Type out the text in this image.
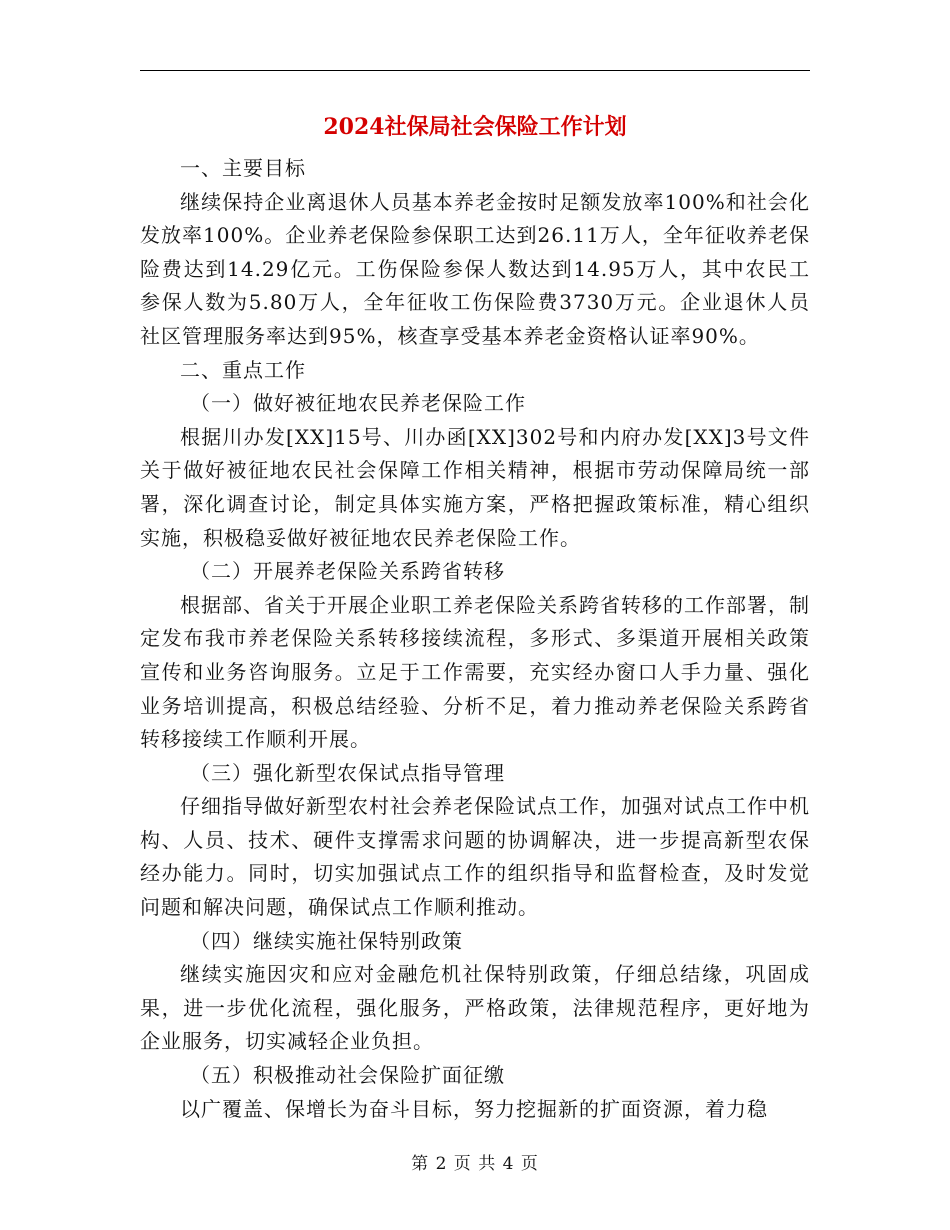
2024社保局社会保险工作计划

一、主要目标

继续保持企业离退休人员基本养老金按时足额发放率100%和社会化发放率100%。企业养老保险参保职工达到26.11万人，全年征收养老保险费达到14.29亿元。工伤保险参保人数达到14.95万人，其中农民工参保人数为5.80万人，全年征收工伤保险费3730万元。企业退休人员社区管理服务率达到95%，核查享受基本养老金资格认证率90%。

二、重点工作

（一）做好被征地农民养老保险工作

根据川办发[XX]15号、川办函[XX]302号和内府办发[XX]3号文件关于做好被征地农民社会保障工作相关精神，根据市劳动保障局统一部署，深化调查讨论，制定具体实施方案，严格把握政策标准，精心组织实施，积极稳妥做好被征地农民养老保险工作。

（二）开展养老保险关系跨省转移

根据部、省关于开展企业职工养老保险关系跨省转移的工作部署，制定发布我市养老保险关系转移接续流程，多形式、多渠道开展相关政策宣传和业务咨询服务。立足于工作需要，充实经办窗口人手力量、强化业务培训提高，积极总结经验、分析不足，着力推动养老保险关系跨省转移接续工作顺利开展。

（三）强化新型农保试点指导管理

仔细指导做好新型农村社会养老保险试点工作，加强对试点工作中机构、人员、技术、硬件支撑需求问题的协调解决，进一步提高新型农保经办能力。同时，切实加强试点工作的组织指导和监督检查，及时发觉问题和解决问题，确保试点工作顺利推动。

（四）继续实施社保特别政策

继续实施因灾和应对金融危机社保特别政策，仔细总结缘，巩固成果，进一步优化流程，强化服务，严格政策，法律规范程序，更好地为企业服务，切实减轻企业负担。

（五）积极推动社会保险扩面征缴

以广覆盖、保增长为奋斗目标，努力挖掘新的扩面资源，着力稳

第 2 页 共 4 页
